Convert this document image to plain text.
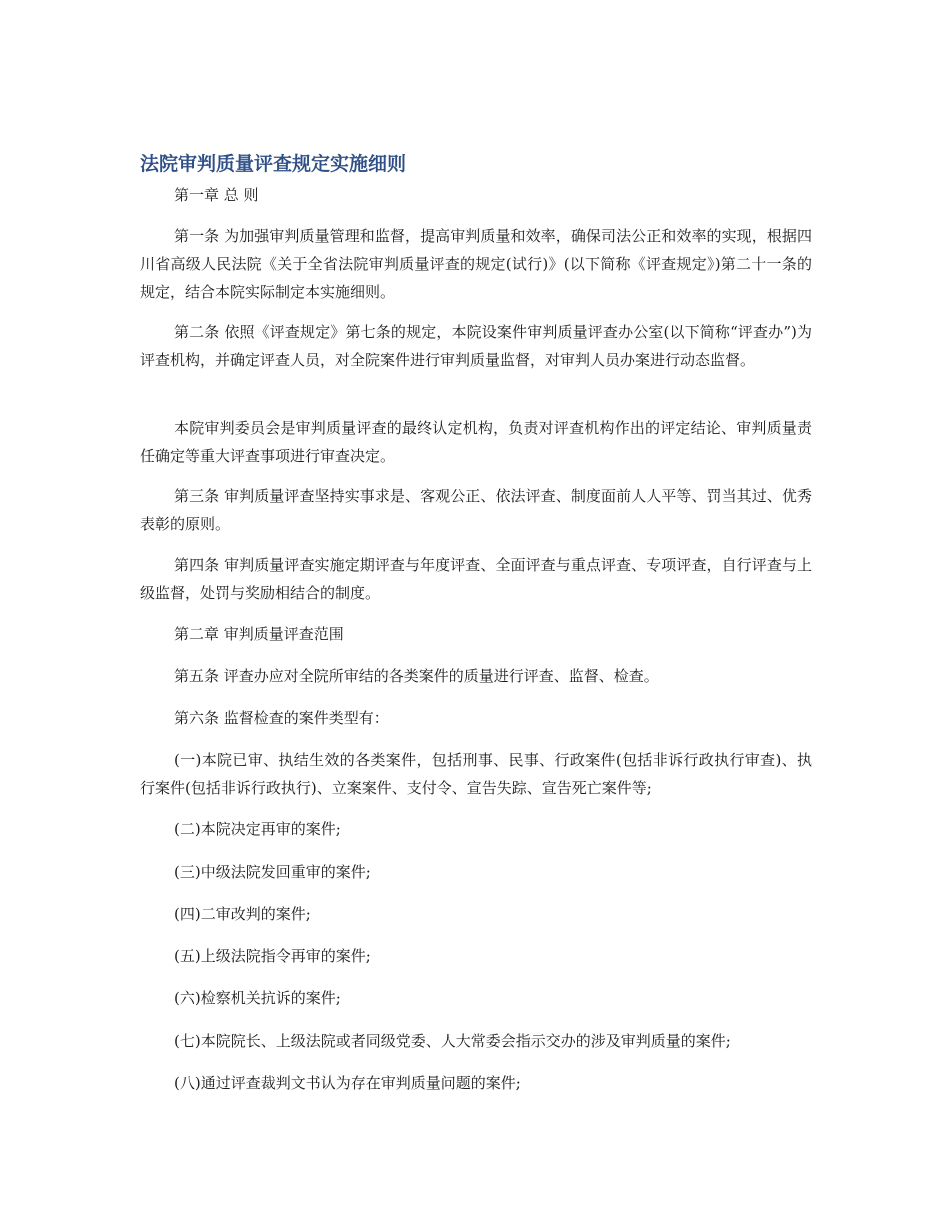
法院审判质量评查规定实施细则

第一章 总 则

第一条 为加强审判质量管理和监督，提高审判质量和效率，确保司法公正和效率的实现，根据四川省高级人民法院《关于全省法院审判质量评查的规定(试行)》(以下简称《评查规定》)第二十一条的规定，结合本院实际制定本实施细则。

第二条 依照《评查规定》第七条的规定，本院设案件审判质量评查办公室(以下简称“评查办”)为评查机构，并确定评查人员，对全院案件进行审判质量监督，对审判人员办案进行动态监督。

本院审判委员会是审判质量评查的最终认定机构，负责对评查机构作出的评定结论、审判质量责任确定等重大评查事项进行审查决定。

第三条 审判质量评查坚持实事求是、客观公正、依法评查、制度面前人人平等、罚当其过、优秀表彰的原则。

第四条 审判质量评查实施定期评查与年度评查、全面评查与重点评查、专项评查，自行评查与上级监督，处罚与奖励相结合的制度。

第二章 审判质量评查范围

第五条 评查办应对全院所审结的各类案件的质量进行评查、监督、检查。

第六条 监督检查的案件类型有：

(一)本院已审、执结生效的各类案件，包括刑事、民事、行政案件(包括非诉行政执行审查)、执行案件(包括非诉行政执行)、立案案件、支付令、宣告失踪、宣告死亡案件等;

(二)本院决定再审的案件;

(三)中级法院发回重审的案件;

(四)二审改判的案件;

(五)上级法院指令再审的案件;

(六)检察机关抗诉的案件;

(七)本院院长、上级法院或者同级党委、人大常委会指示交办的涉及审判质量的案件;

(八)通过评查裁判文书认为存在审判质量问题的案件;
